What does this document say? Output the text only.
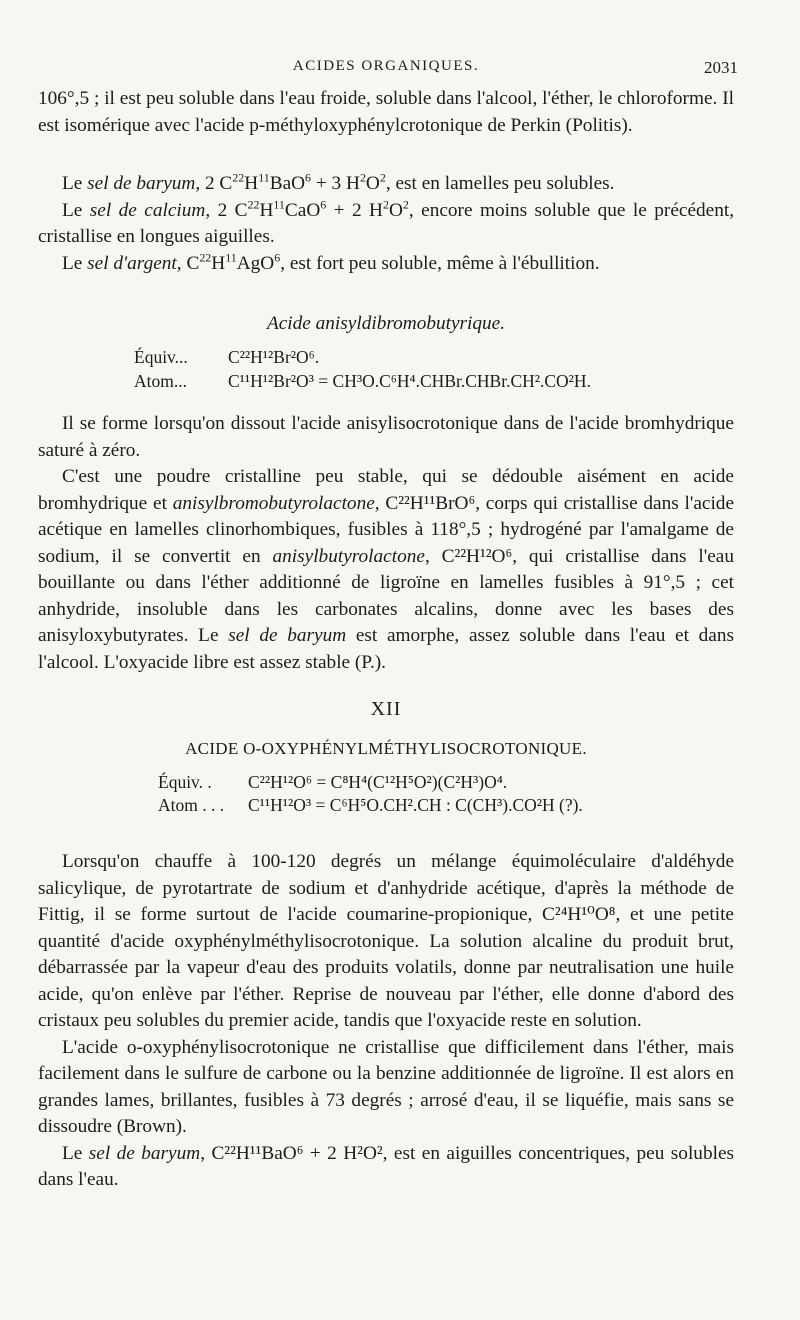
ACIDES ORGANIQUES.	2031

106°,5 ; il est peu soluble dans l'eau froide, soluble dans l'alcool, l'éther, le chloroforme. Il est isomérique avec l'acide p-méthyloxyphénylcrotonique de Perkin (Politis).

Le sel de baryum, 2 $C^{22}H^{11}BaO^6 + 3$ $H^2O^2$, est en lamelles peu solubles.

Le sel de calcium, 2 $C^{22}H^{11}CaO^6 + 2$ $H^2O^2$, encore moins soluble que le précédent, cristallise en longues aiguilles.

Le sel d'argent, $C^{22}H^{11}AgO^6$, est fort peu soluble, même à l'ébullition.

Acide anisyldibromobutyrique.
Équiv...	C²²H¹²Br²O⁶.
Atom...	C¹¹H¹²Br²O³ = CH³O.C⁶H⁴.CHBr.CHBr.CH².CO²H.

Il se forme lorsqu'on dissout l'acide anisylisocrotonique dans de l'acide bromhydrique saturé à zéro.

C'est une poudre cristalline peu stable, qui se dédouble aisément en acide bromhydrique et anisylbromobutyrolactone, C²²H¹¹BrO⁶, corps qui cristallise dans l'acide acétique en lamelles clinorhombiques, fusibles à 118°,5 ; hydrogéné par l'amalgame de sodium, il se convertit en anisylbutyrolactone, C²²H¹²O⁶, qui cristallise dans l'eau bouillante ou dans l'éther additionné de ligroïne en lamelles fusibles à 91°,5 ; cet anhydride, insoluble dans les carbonates alcalins, donne avec les bases des anisyloxybutyrates. Le sel de baryum est amorphe, assez soluble dans l'eau et dans l'alcool. L'oxyacide libre est assez stable (P.).

XII
ACIDE O-OXYPHÉNYLMÉTHYLISOCROTONIQUE.
Équiv. .	C²²H¹²O⁶ = C⁸H⁴(C¹²H⁵O²)(C²H³)O⁴.
Atom . . .	C¹¹H¹²O³ = C⁶H⁵O.CH².CH : C(CH³).CO²H (?).

Lorsqu'on chauffe à 100-120 degrés un mélange équimoléculaire d'aldéhyde salicylique, de pyrotartrate de sodium et d'anhydride acétique, d'après la méthode de Fittig, il se forme surtout de l'acide coumarine-propionique, C²⁴H¹⁰O⁸, et une petite quantité d'acide oxyphénylméthylisocrotonique. La solution alcaline du produit brut, débarrassée par la vapeur d'eau des produits volatils, donne par neutralisation une huile acide, qu'on enlève par l'éther. Reprise de nouveau par l'éther, elle donne d'abord des cristaux peu solubles du premier acide, tandis que l'oxyacide reste en solution.

L'acide o-oxyphénylisocrotonique ne cristallise que difficilement dans l'éther, mais facilement dans le sulfure de carbone ou la benzine additionnée de ligroïne. Il est alors en grandes lames, brillantes, fusibles à 73 degrés ; arrosé d'eau, il se liquéfie, mais sans se dissoudre (Brown).

Le sel de baryum, C²²H¹¹BaO⁶ + 2 H²O², est en aiguilles concentriques, peu solubles dans l'eau.
